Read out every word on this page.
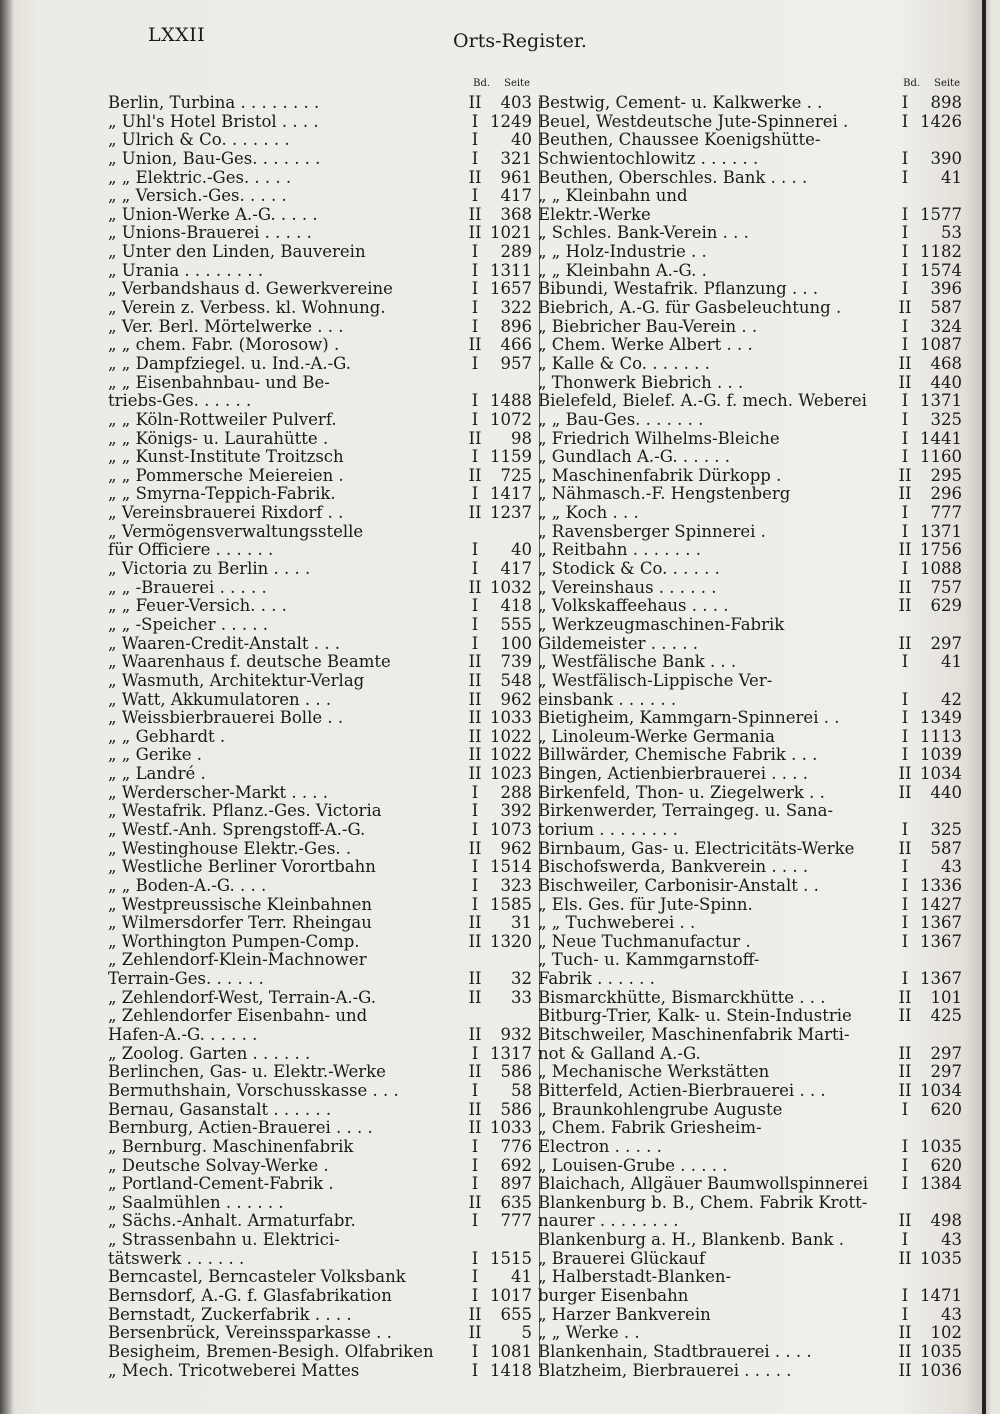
LXXII	Orts-Register.
Bd. Seite
Berlin, Turbina . . . . . . . .	II	403
„ Uhl's Hotel Bristol . . . .	I 1249
„ Ulrich & Co. . . . . . .	I	40
„ Union, Bau-Ges. . . . . . .	I	321
„ „ Elektric.-Ges. . . . .	II	961
„ „ Versich.-Ges. . . . .	I	417
„ Union-Werke A.-G. . . . .	II	368
„ Unions-Brauerei . . . . .	II 1021
„ Unter den Linden, Bauverein	I	289
„ Urania . . . . . . . .	I 1311
„ Verbandshaus d. Gewerkvereine	I 1657
„ Verein z. Verbess. kl. Wohnung.	I	322
„ Ver. Berl. Mörtelwerke . . .	I	896
„ „ chem. Fabr. (Morosow) .	II	466
„ „ Dampfziegel. u. Ind.-A.-G.	I	957
„ „ Eisenbahnbau- und Be-
triebs-Ges. . . . . .	I 1488
„ „ Köln-Rottweiler Pulverf.	I 1072
„ „ Königs- u. Laurahütte .	II	98
„ „ Kunst-Institute Troitzsch	I 1159
„ „ Pommersche Meiereien .	II	725
„ „ Smyrna-Teppich-Fabrik.	I 1417
„ Vereinsbrauerei Rixdorf . .	II 1237
„ Vermögensverwaltungsstelle
für Officiere . . . . . .	I	40
„ Victoria zu Berlin . . . .	I	417
„ „ -Brauerei . . . . .	II 1032
„ „ Feuer-Versich. . . .	I	418
„ „ -Speicher . . . . .	I	555
„ Waaren-Credit-Anstalt . . .	I	100
„ Waarenhaus f. deutsche Beamte	II	739
„ Wasmuth, Architektur-Verlag	II	548
„ Watt, Akkumulatoren . . .	II	962
„ Weissbierbrauerei Bolle . .	II 1033
„ „ Gebhardt .	II 1022
„ „ Gerike .	II 1022
„ „ Landré .	II 1023
„ Werderscher-Markt . . . .	I	288
„ Westafrik. Pflanz.-Ges. Victoria	I	392
„ Westf.-Anh. Sprengstoff-A.-G.	I 1073
„ Westinghouse Elektr.-Ges. .	II	962
„ Westliche Berliner Vorortbahn	I 1514
„ „ Boden-A.-G. . . .	I	323
„ Westpreussische Kleinbahnen	I 1585
„ Wilmersdorfer Terr. Rheingau	II	31
„ Worthington Pumpen-Comp.	II 1320
„ Zehlendorf-Klein-Machnower
Terrain-Ges. . . . . .	II	32
„ Zehlendorf-West, Terrain-A.-G.	II	33
„ Zehlendorfer Eisenbahn- und
Hafen-A.-G. . . . . .	II	932
„ Zoolog. Garten . . . . . .	I 1317
Berlinchen, Gas- u. Elektr.-Werke	II	586
Bermuthshain, Vorschusskasse . . .	I	58
Bernau, Gasanstalt . . . . . .	II	586
Bernburg, Actien-Brauerei . . . .	II 1033
„ Bernburg. Maschinenfabrik	I	776
„ Deutsche Solvay-Werke .	I	692
„ Portland-Cement-Fabrik .	I	897
„ Saalmühlen . . . . . .	II	635
„ Sächs.-Anhalt. Armaturfabr.	I	777
„ Strassenbahn u. Elektrici-
tätswerk . . . . . .	I 1515
Berncastel, Berncasteler Volksbank	I	41
Bernsdorf, A.-G. f. Glasfabrikation	I 1017
Bernstadt, Zuckerfabrik . . . .	II	655
Bersenbrück, Vereinssparkasse . .	II	5
Besigheim, Bremen-Besigh. Ölfabriken	I 1081
„ Mech. Tricotweberei Mattes	I 1418
Bd. Seite
Bestwig, Cement- u. Kalkwerke . .	I	898
Beuel, Westdeutsche Jute-Spinnerei .	I 1426
Beuthen, Chaussee Koenigshütte-
Schwientochlowitz . . . . . .	I	390
Beuthen, Oberschles. Bank . . . .	I	41
„ „ Kleinbahn und
Elektr.-Werke	I 1577
„ Schles. Bank-Verein . . .	I	53
„ „ Holz-Industrie . .	I 1182
„ „ Kleinbahn A.-G. .	I 1574
Bibundi, Westafrik. Pflanzung . . .	I	396
Biebrich, A.-G. für Gasbeleuchtung .	II	587
„ Biebricher Bau-Verein . .	I	324
„ Chem. Werke Albert . . .	I 1087
„ Kalle & Co. . . . . . .	II	468
„ Thonwerk Biebrich . . .	II	440
Bielefeld, Bielef. A.-G. f. mech. Weberei	I 1371
„ „ Bau-Ges. . . . . . .	I	325
„ Friedrich Wilhelms-Bleiche	I 1441
„ Gundlach A.-G. . . . . .	I 1160
„ Maschinenfabrik Dürkopp .	II	295
„ Nähmasch.-F. Hengstenberg	II	296
„ „ Koch . . .	I	777
„ Ravensberger Spinnerei .	I 1371
„ Reitbahn . . . . . . .	II 1756
„ Stodick & Co. . . . . .	I 1088
„ Vereinshaus . . . . . .	II	757
„ Volkskaffeehaus . . . .	II	629
„ Werkzeugmaschinen-Fabrik
Gildemeister . . . . .	II	297
„ Westfälische Bank . . .	I	41
„ Westfälisch-Lippische Ver-
einsbank . . . . . .	I	42
Bietigheim, Kammgarn-Spinnerei . .	I 1349
„ Linoleum-Werke Germania	I 1113
Billwärder, Chemische Fabrik . . .	I 1039
Bingen, Actienbierbrauerei . . . .	II 1034
Birkenfeld, Thon- u. Ziegelwerk . .	II	440
Birkenwerder, Terraingeg. u. Sana-
torium . . . . . . . .	I	325
Birnbaum, Gas- u. Electricitäts-Werke	II	587
Bischofswerda, Bankverein . . . .	I	43
Bischweiler, Carbonisir-Anstalt . .	I 1336
„ Els. Ges. für Jute-Spinn.	I 1427
„ „ Tuchweberei . .	I 1367
„ Neue Tuchmanufactur .	I 1367
„ Tuch- u. Kammgarnstoff-
Fabrik . . . . . .	I 1367
Bismarckhütte, Bismarckhütte . . .	II	101
Bitburg-Trier, Kalk- u. Stein-Industrie	II	425
Bitschweiler, Maschinenfabrik Marti-
not & Galland A.-G.	II	297
„ Mechanische Werkstätten	II	297
Bitterfeld, Actien-Bierbrauerei . . .	II 1034
„ Braunkohlengrube Auguste	I	620
„ Chem. Fabrik Griesheim-
Electron . . . . .	I 1035
„ Louisen-Grube . . . . .	I	620
Blaichach, Allgäuer Baumwollspinnerei	I 1384
Blankenburg b. B., Chem. Fabrik Krott-
naurer . . . . . . . .	II	498
Blankenburg a. H., Blankenb. Bank .	I	43
„ Brauerei Glückauf	II 1035
„ Halberstadt-Blanken-
burger Eisenbahn	I 1471
„ Harzer Bankverein	I	43
„ „ Werke . .	II	102
Blankenhain, Stadtbrauerei . . . .	II 1035
Blatzheim, Bierbrauerei . . . . .	II 1036
